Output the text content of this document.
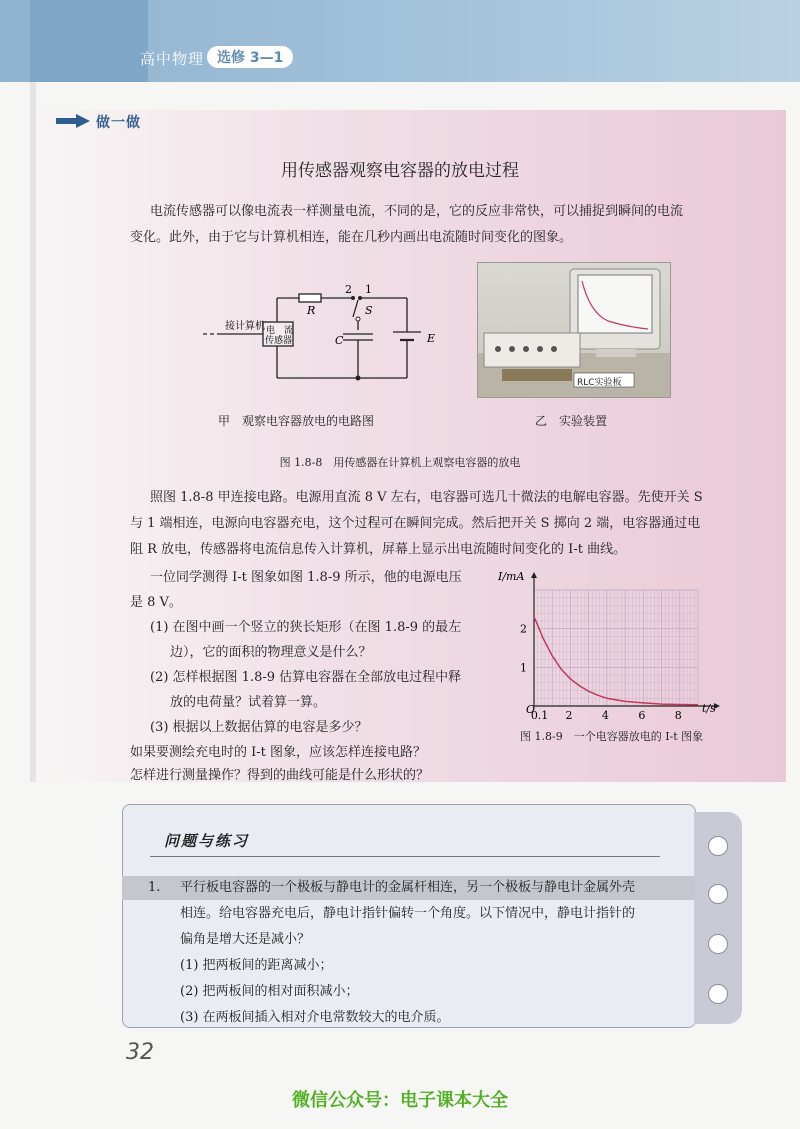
高中物理 选修 3—1
做一做
用传感器观察电容器的放电过程
电流传感器可以像电流表一样测量电流，不同的是，它的反应非常快，可以捕捉到瞬间的电流
变化。此外，由于它与计算机相连，能在几秒内画出电流随时间变化的图象。
接计算机 电　流
传感器
2 1
R	S
C	E
RLC实验板
甲　观察电容器放电的电路图	乙　实验装置
图 1.8-8　用传感器在计算机上观察电容器的放电
照图 1.8-8 甲连接电路。电源用直流 8 V 左右，电容器可选几十微法的电解电容器。先使开关 S
与 1 端相连，电源向电容器充电，这个过程可在瞬间完成。然后把开关 S 掷向 2 端，电容器通过电
阻 R 放电，传感器将电流信息传入计算机，屏幕上显示出电流随时间变化的 I-t 曲线。
一位同学测得 I-t 图象如图 1.8-9 所示，他的电源电压
是 8 V。
(1) 在图中画一个竖立的狭长矩形（在图 1.8-9 的最左
边），它的面积的物理意义是什么？
(2) 怎样根据图 1.8-9 估算电容器在全部放电过程中释
放的电荷量？试着算一算。
(3) 根据以上数据估算的电容是多少？
如果要测绘充电时的 I-t 图象，应该怎样连接电路？
怎样进行测量操作？得到的曲线可能是什么形状的？
0.1 2	4	6	8
1
2
I/mA
t/s
O
图 1.8-9　一个电容器放电的 I-t 图象
问题与练习
1. 平行板电容器的一个极板与静电计的金属杆相连，另一个极板与静电计金属外壳
相连。给电容器充电后，静电计指针偏转一个角度。以下情况中，静电计指针的
偏角是增大还是减小？
(1) 把两板间的距离减小；
(2) 把两板间的相对面积减小；
(3) 在两板间插入相对介电常数较大的电介质。
32
微信公众号：电子课本大全
